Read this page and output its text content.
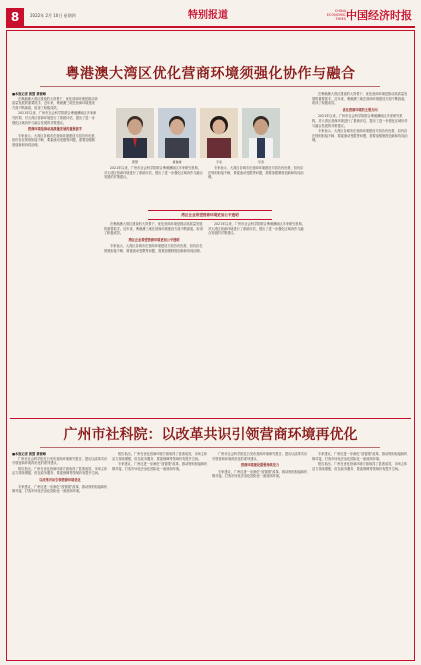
8	2022年 2月 10日 星期四	特别报道	CHINA ECONOMIC TIMES 中国经济时报
粤港澳大湾区优化营商环境须强化协作与融合
■本报记者 郭慧 黄俊峰

在粤港澳大湾区建设的大背景下，优化营商环境是推动高质量发展的重要抓手。近年来，粤港澳三地在营商环境建设方面不断探索，取得了积极成效。

2021年以来，广州市社会科学院联合粤港澳地区多家研究机构，对大湾区营商环境进行了系统评估，提出了进一步强化区域协作与融合发展的对策建议。

营商环境是推动高质量发展的重要抓手

专家表示，大湾区各城市在营商环境建设方面各有优势，但仍存在规则衔接不畅、要素流动受限等问题，需要加强制度创新和协同治理。

郭慧	黄俊峰	专家	学者

2021年以来，广州市社会科学院联合粤港澳地区多家研究机构，对大湾区营商环境进行了系统评估，提出了进一步强化区域协作与融合发展的对策建议。

专家表示，大湾区各城市在营商环境建设方面各有优势，但仍存在规则衔接不畅、要素流动受限等问题，需要加强制度创新和协同治理。

湾区企业希望营商环境更加公平透明

在粤港澳大湾区建设的大背景下，优化营商环境是推动高质量发展的重要抓手。近年来，粤港澳三地在营商环境建设方面不断探索，取得了积极成效。

湾区企业希望营商环境更加公平透明

专家表示，大湾区各城市在营商环境建设方面各有优势，但仍存在规则衔接不畅、要素流动受限等问题，需要加强制度创新和协同治理。

2021年以来，广州市社会科学院联合粤港澳地区多家研究机构，对大湾区营商环境进行了系统评估，提出了进一步强化区域协作与融合发展的对策建议。

在粤港澳大湾区建设的大背景下，优化营商环境是推动高质量发展的重要抓手。近年来，粤港澳三地在营商环境建设方面不断探索，取得了积极成效。

优化营商环境的主要方向

2021年以来，广州市社会科学院联合粤港澳地区多家研究机构，对大湾区营商环境进行了系统评估，提出了进一步强化区域协作与融合发展的对策建议。

专家表示，大湾区各城市在营商环境建设方面各有优势，但仍存在规则衔接不畅、要素流动受限等问题，需要加强制度创新和协同治理。

广州市社科院：以改革共识引领营商环境再优化
■本报记者 郭慧 黄俊峰

广州市社会科学院近日发布营商环境研究报告，提出以改革共识引领营商环境再优化的系列建议。

报告指出，广州在优化营商环境方面取得了显著成效，市场主体活力持续增强，但在政务服务、要素保障等领域仍有提升空间。

以改革共识引领营商环境优化

专家建议，广州应进一步深化“放管服”改革，推动规则衔接和机制对接，打造市场化法治化国际化一流营商环境。

报告指出，广州在优化营商环境方面取得了显著成效，市场主体活力持续增强，但在政务服务、要素保障等领域仍有提升空间。

专家建议，广州应进一步深化“放管服”改革，推动规则衔接和机制对接，打造市场化法治化国际化一流营商环境。

广州市社会科学院近日发布营商环境研究报告，提出以改革共识引领营商环境再优化的系列建议。

营商环境建设需要持续发力

专家建议，广州应进一步深化“放管服”改革，推动规则衔接和机制对接，打造市场化法治化国际化一流营商环境。

专家建议，广州应进一步深化“放管服”改革，推动规则衔接和机制对接，打造市场化法治化国际化一流营商环境。

报告指出，广州在优化营商环境方面取得了显著成效，市场主体活力持续增强，但在政务服务、要素保障等领域仍有提升空间。
